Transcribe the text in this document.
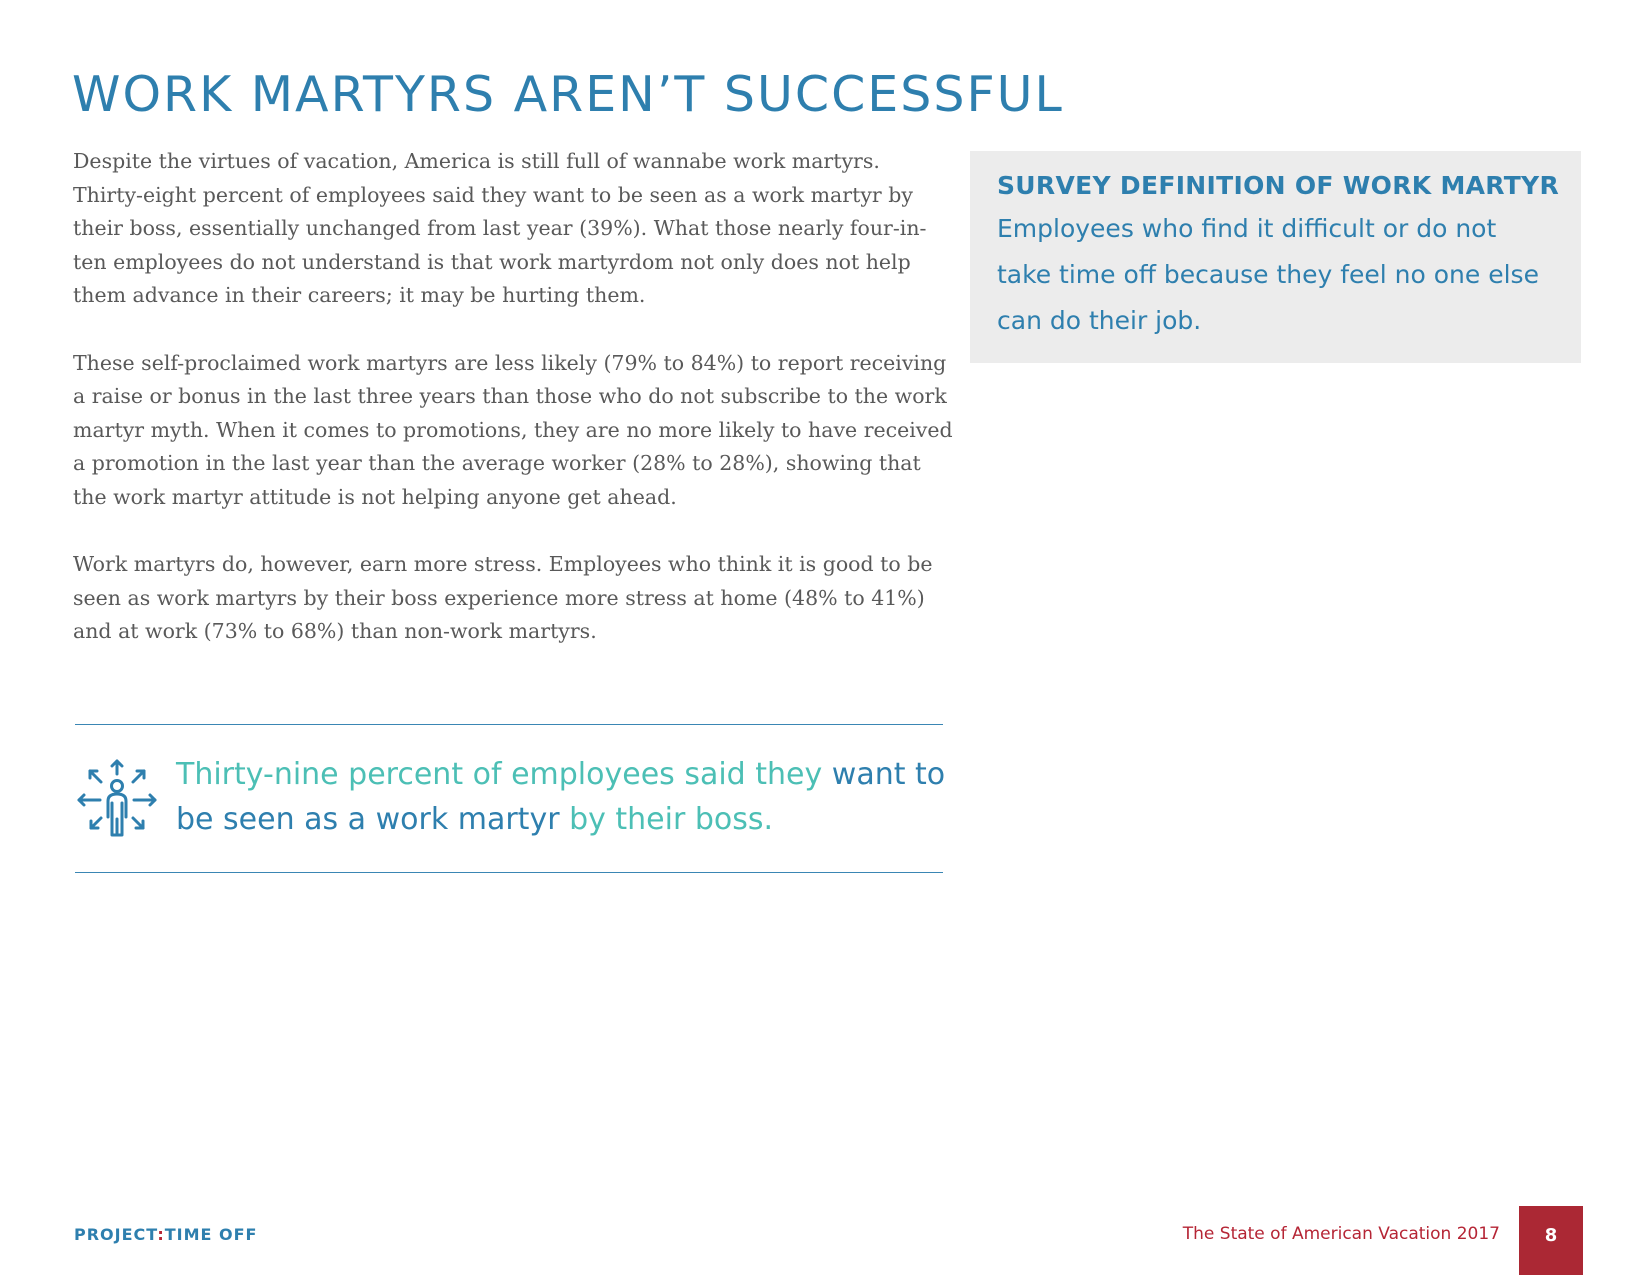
WORK MARTYRS AREN’T SUCCESSFUL

Despite the virtues of vacation, America is still full of wannabe work martyrs. Thirty-eight percent of employees said they want to be seen as a work martyr by their boss, essentially unchanged from last year (39%). What those nearly four-in-ten employees do not understand is that work martyrdom not only does not help them advance in their careers; it may be hurting them.

These self-proclaimed work martyrs are less likely (79% to 84%) to report receiving a raise or bonus in the last three years than those who do not subscribe to the work martyr myth. When it comes to promotions, they are no more likely to have received a promotion in the last year than the average worker (28% to 28%), showing that the work martyr attitude is not helping anyone get ahead.

Work martyrs do, however, earn more stress. Employees who think it is good to be seen as work martyrs by their boss experience more stress at home (48% to 41%) and at work (73% to 68%) than non-work martyrs.

SURVEY DEFINITION OF WORK MARTYR

Employees who find it difficult or do not take time off because they feel no one else can do their job.

Thirty-nine percent of employees said they want to be seen as a work martyr by their boss.
PROJECT:TIME OFF	The State of American Vacation 2017	8
